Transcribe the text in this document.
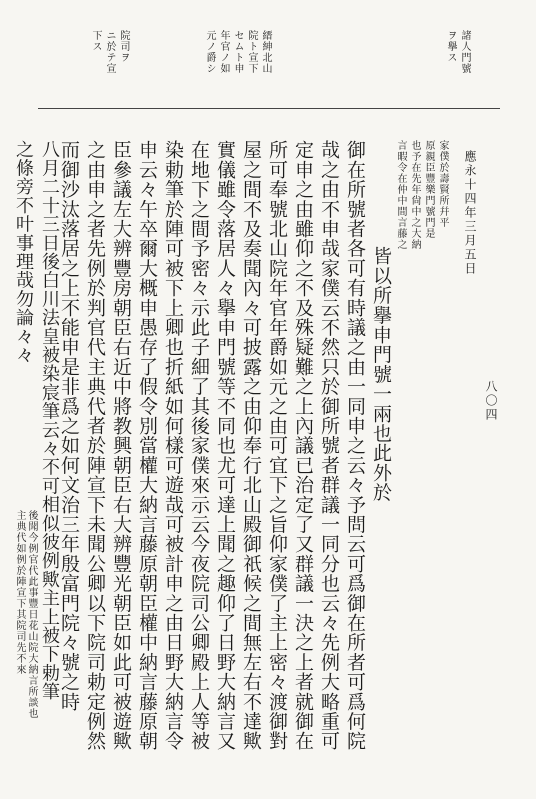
八〇四
應永十四年三月五日
諸人門號
ヲ擧ス
縉紳北山
院ト宣下
セムト申
年官ノ如
元ノ爵シ
院司ヲ
ニ於テ宣
下ス
家僕於壽賢所幷平
原親臣豐樂門號門是
也予在先年尙中之大納
言暇令在仲中間言藤之
皆以所擧申門號一兩也此外於
御在所號者各可有時議之由一同申之云々予問云可爲御在所者可爲何院
哉之由不申哉家僕云不然只於御所號者群議一同分也云々先例大略重可
定申之由雖仰之不及殊疑難之上內議已治定了又群議一決之上者就御在
所可奉號北山院年官年爵如元之由可宜下之旨仰家僕了主上密々渡御對
屋之間不及奏聞內々可披露之由仰奉行北山殿御祇候之間無左右不達歟
實儀雖令落居人々擧申門號等不同也尤可達上聞之趣仰了日野大納言又
在地下之間予密々示此子細了其後家僕來示云今夜院司公卿殿上人等被
染勅筆於陣可被下上卿也折紙如何樣可遊哉可被計申之由日野大納言令
申云々午卒爾大概申愚存了假令別當權大納言藤原朝臣權中納言藤原朝
臣參議左大辨豐房朝臣右近中將教興朝臣右大辨豐光朝臣如此可被遊歟
之由申之者先例於判官代主典代者於陣宣下未聞公卿以下院司勅定例然
而御沙汰落居之上不能申是非爲之如何文治三年殷富門院々號之時
八月二十三日後白川法皇被染宸筆云々不可相似彼例歟主上被下勅筆
之條旁不叶事理哉勿論々々
後聞今例官代此事豐日花山院大納言所談也
主典代如例於陣宣下其院司先不來
